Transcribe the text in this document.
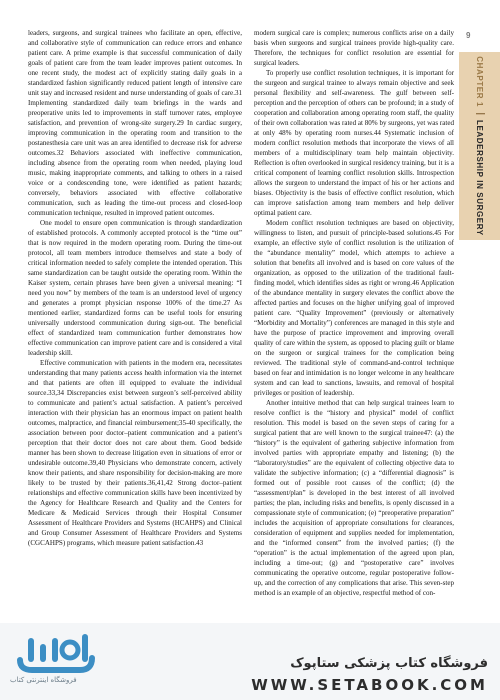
leaders, surgeons, and surgical trainees who facilitate an open, effective, and collaborative style of communication can reduce errors and enhance patient care. A prime example is that successful communication of daily goals of patient care from the team leader improves patient outcomes. In one recent study, the modest act of explicitly stating daily goals in a standardized fashion significantly reduced patient length of intensive care unit stay and increased resident and nurse understanding of goals of care.31 Implementing standardized daily team briefings in the wards and preoperative units led to improvements in staff turnover rates, employee satisfaction, and prevention of wrong-site surgery.29 In cardiac surgery, improving communication in the operating room and transition to the postanesthesia care unit was an area identified to decrease risk for adverse outcomes.32 Behaviors associated with ineffective communication, including absence from the operating room when needed, playing loud music, making inappropriate comments, and talking to others in a raised voice or a condescending tone, were identified as patient hazards; conversely, behaviors associated with effective collaborative communication, such as leading the time-out process and closed-loop communication technique, resulted in improved patient outcomes.

One model to ensure open communication is through standardization of established protocols. A commonly accepted protocol is the “time out” that is now required in the modern operating room. During the time-out protocol, all team members introduce themselves and state a body of critical information needed to safely complete the intended operation. This same standardization can be taught outside the operating room. Within the Kaiser system, certain phrases have been given a universal meaning: “I need you now” by members of the team is an understood level of urgency and generates a prompt physician response 100% of the time.27 As mentioned earlier, standardized forms can be useful tools for ensuring universally understood communication during sign-out. The beneficial effect of standardized team communication further demonstrates how effective communication can improve patient care and is considered a vital leadership skill.

Effective communication with patients in the modern era, necessitates understanding that many patients access health information via the internet and that patients are often ill equipped to evaluate the individual source.33,34 Discrepancies exist between surgeon’s self-perceived ability to communicate and patient’s actual satisfaction. A patient’s perceived interaction with their physician has an enormous impact on patient health outcomes, malpractice, and financial reimbursement;35-40 specifically, the association between poor doctor–patient communication and a patient’s perception that their doctor does not care about them. Good bedside manner has been shown to decrease litigation even in situations of error or undesirable outcome.39,40 Physicians who demonstrate concern, actively know their patients, and share responsibility for decision-making are more likely to be trusted by their patients.36,41,42 Strong doctor–patient relationships and effective communication skills have been incentivized by the Agency for Healthcare Research and Quality and the Centers for Medicare & Medicaid Services through their Hospital Consumer Assessment of Healthcare Providers and Systems (HCAHPS) and Clinical and Group Consumer Assessment of Healthcare Providers and Systems (CGCAHPS) programs, which measure patient satisfaction.43

modern surgical care is complex; numerous conflicts arise on a daily basis when surgeons and surgical trainees provide high-quality care. Therefore, the techniques for conflict resolution are essential for surgical leaders.

To properly use conflict resolution techniques, it is important for the surgeon and surgical trainee to always remain objective and seek personal flexibility and self-awareness. The gulf between self-perception and the perception of others can be profound; in a study of cooperation and collaboration among operating room staff, the quality of their own collaboration was rated at 80% by surgeons, yet was rated at only 48% by operating room nurses.44 Systematic inclusion of modern conflict resolution methods that incorporate the views of all members of a multidisciplinary team help maintain objectivity. Reflection is often overlooked in surgical residency training, but it is a critical component of learning conflict resolution skills. Introspection allows the surgeon to understand the impact of his or her actions and biases. Objectivity is the basis of effective conflict resolution, which can improve satisfaction among team members and help deliver optimal patient care.

Modern conflict resolution techniques are based on objectivity, willingness to listen, and pursuit of principle-based solutions.45 For example, an effective style of conflict resolution is the utilization of the “abundance mentality” model, which attempts to achieve a solution that benefits all involved and is based on core values of the organization, as opposed to the utilization of the traditional fault-finding model, which identifies sides as right or wrong.46 Application of the abundance mentality in surgery elevates the conflict above the affected parties and focuses on the higher unifying goal of improved patient care. “Quality Improvement” (previously or alternatively “Morbidity and Mortality”) conferences are managed in this style and have the purpose of practice improvement and improving overall quality of care within the system, as opposed to placing guilt or blame on the surgeon or surgical trainees for the complication being reviewed. The traditional style of command-and-control technique based on fear and intimidation is no longer welcome in any healthcare system and can lead to sanctions, lawsuits, and removal of hospital privileges or position of leadership.

Another intuitive method that can help surgical trainees learn to resolve conflict is the “history and physical” model of conflict resolution. This model is based on the seven steps of caring for a surgical patient that are well known to the surgical trainee47: (a) the “history” is the equivalent of gathering subjective information from involved parties with appropriate empathy and listening; (b) the “laboratory/studies” are the equivalent of collecting objective data to validate the subjective information; (c) a “differential diagnosis” is formed out of possible root causes of the conflict; (d) the “assessment/plan” is developed in the best interest of all involved parties; the plan, including risks and benefits, is openly discussed in a compassionate style of communication; (e) “preoperative preparation” includes the acquisition of appropriate consultations for clearances, consideration of equipment and supplies needed for implementation, and the “informed consent” from the involved parties; (f) the “operation” is the actual implementation of the agreed upon plan, including a time-out; (g) and “postoperative care” involves communicating the operative outcome, regular postoperative follow-up, and the correction of any complications that arise. This seven-step method is an example of an objective, respectful method of con-

9
CHAPTER 1LEADERSHIP IN SURGERY
فروشگاه اینترنتی کتاب
فروشگاه کتاب پزشکی ستاپوک
WWW.SETABOOK.COM
